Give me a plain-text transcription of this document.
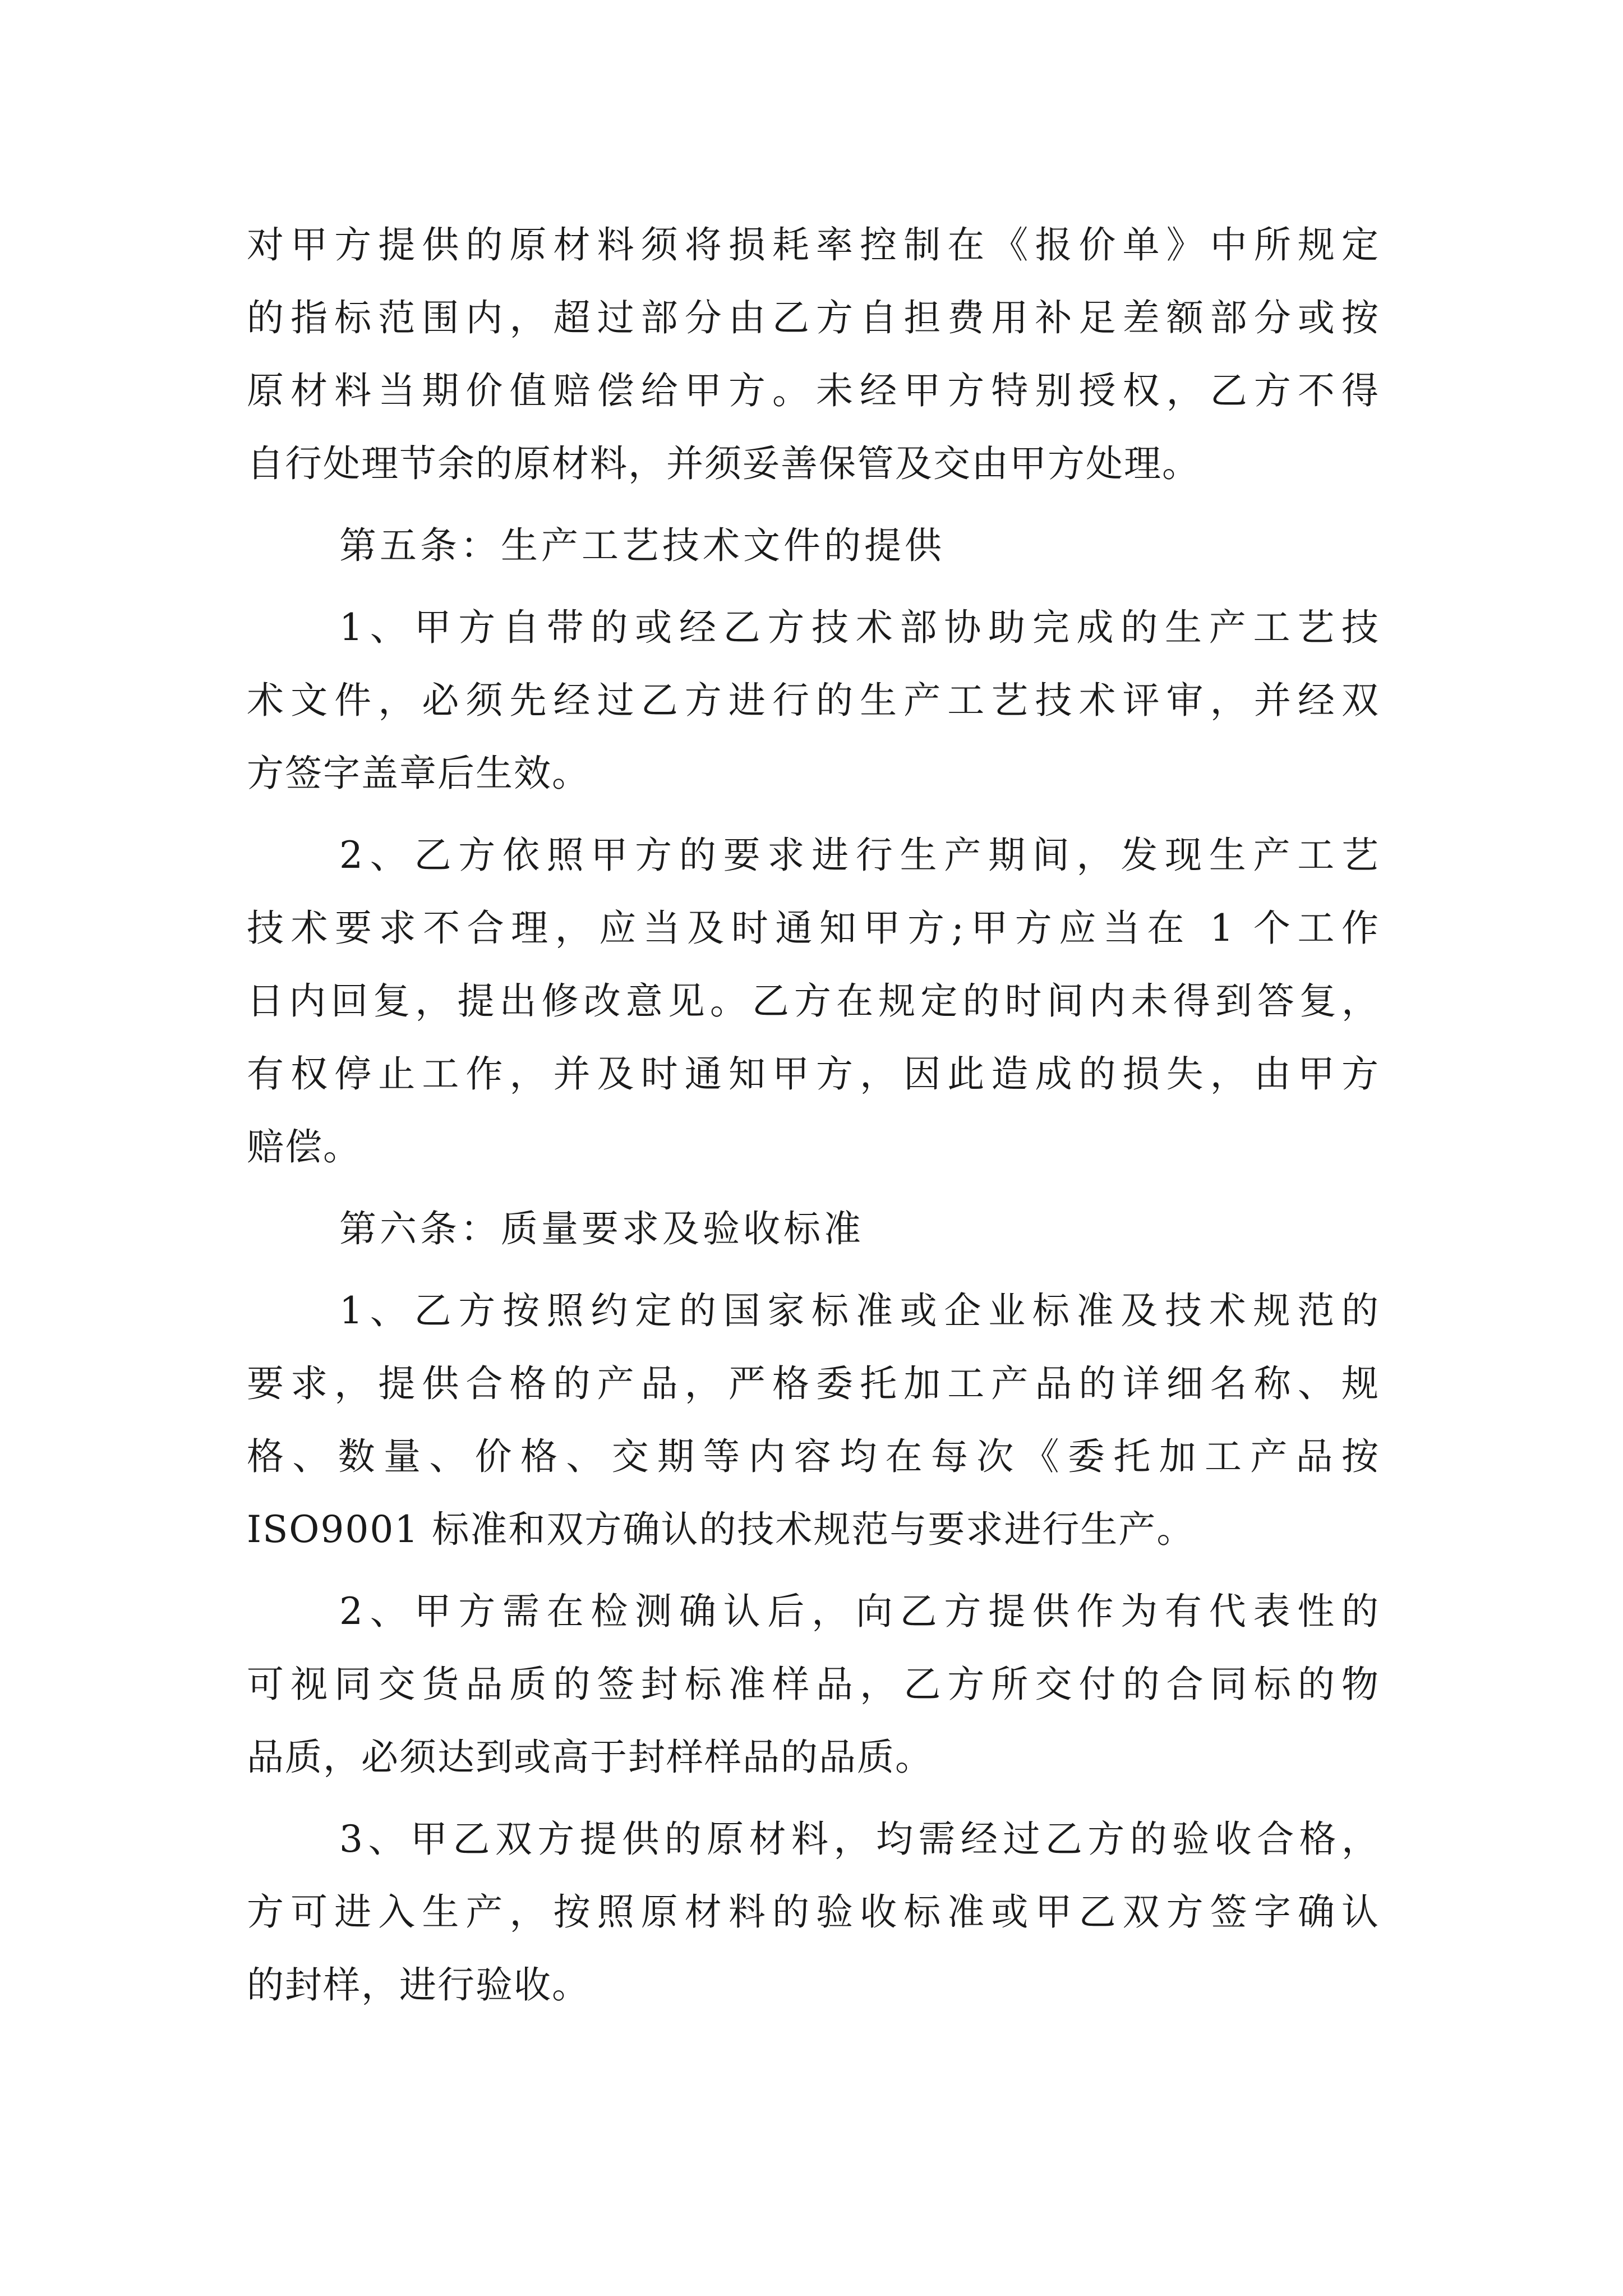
对甲方提供的原材料须将损耗率控制在《报价单》中所规定
的指标范围内，超过部分由乙方自担费用补足差额部分或按
原材料当期价值赔偿给甲方。未经甲方特别授权，乙方不得
自行处理节余的原材料，并须妥善保管及交由甲方处理。
第五条：生产工艺技术文件的提供
1、甲方自带的或经乙方技术部协助完成的生产工艺技
术文件，必须先经过乙方进行的生产工艺技术评审，并经双
方签字盖章后生效。
2、乙方依照甲方的要求进行生产期间，发现生产工艺
技术要求不合理，应当及时通知甲方;甲方应当在 1 个工作
日内回复，提出修改意见。乙方在规定的时间内未得到答复，
有权停止工作，并及时通知甲方，因此造成的损失，由甲方
赔偿。
第六条：质量要求及验收标准
1、乙方按照约定的国家标准或企业标准及技术规范的
要求，提供合格的产品，严格委托加工产品的详细名称、规
格、数量、价格、交期等内容均在每次《委托加工产品按
ISO9001 标准和双方确认的技术规范与要求进行生产。
2、甲方需在检测确认后，向乙方提供作为有代表性的
可视同交货品质的签封标准样品，乙方所交付的合同标的物
品质，必须达到或高于封样样品的品质。
3、甲乙双方提供的原材料，均需经过乙方的验收合格，
方可进入生产，按照原材料的验收标准或甲乙双方签字确认
的封样，进行验收。
